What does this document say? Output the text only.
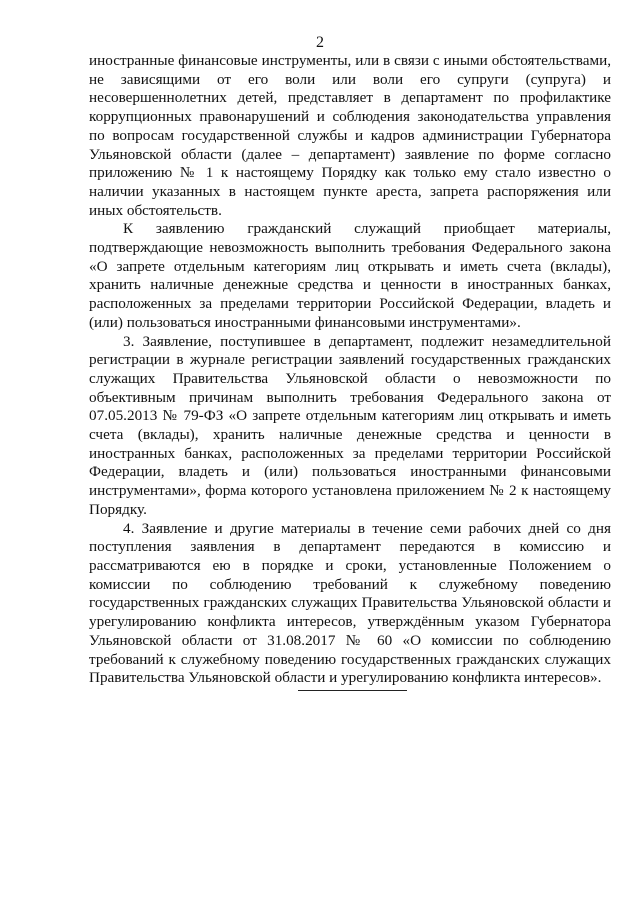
2

иностранные финансовые инструменты, или в связи с иными обстоятельствами, не зависящими от его воли или воли его супруги (супруга) и несовершеннолетних детей, представляет в департамент по профилактике коррупционных правонарушений и соблюдения законодательства управления по вопросам государственной службы и кадров администрации Губернатора Ульяновской области (далее – департамент) заявление по форме согласно приложению № 1 к настоящему Порядку как только ему стало известно о наличии указанных в настоящем пункте ареста, запрета распоряжения или иных обстоятельств.

К заявлению гражданский служащий приобщает материалы, подтверждающие невозможность выполнить требования Федерального закона «О запрете отдельным категориям лиц открывать и иметь счета (вклады), хранить наличные денежные средства и ценности в иностранных банках, расположенных за пределами территории Российской Федерации, владеть и (или) пользоваться иностранными финансовыми инструментами».

3. Заявление, поступившее в департамент, подлежит незамедлительной регистрации в журнале регистрации заявлений государственных гражданских служащих Правительства Ульяновской области о невозможности по объективным причинам выполнить требования Федерального закона от 07.05.2013 № 79-ФЗ «О запрете отдельным категориям лиц открывать и иметь счета (вклады), хранить наличные денежные средства и ценности в иностранных банках, расположенных за пределами территории Российской Федерации, владеть и (или) пользоваться иностранными финансовыми инструментами», форма которого установлена приложением № 2 к настоящему Порядку.

4. Заявление и другие материалы в течение семи рабочих дней со дня поступления заявления в департамент передаются в комиссию и рассматриваются ею в порядке и сроки, установленные Положением о комиссии по соблюдению требований к служебному поведению государственных гражданских служащих Правительства Ульяновской области и урегулированию конфликта интересов, утверждённым указом Губернатора Ульяновской области от 31.08.2017 № 60 «О комиссии по соблюдению требований к служебному поведению государственных гражданских служащих Правительства Ульяновской области и урегулированию конфликта интересов».
